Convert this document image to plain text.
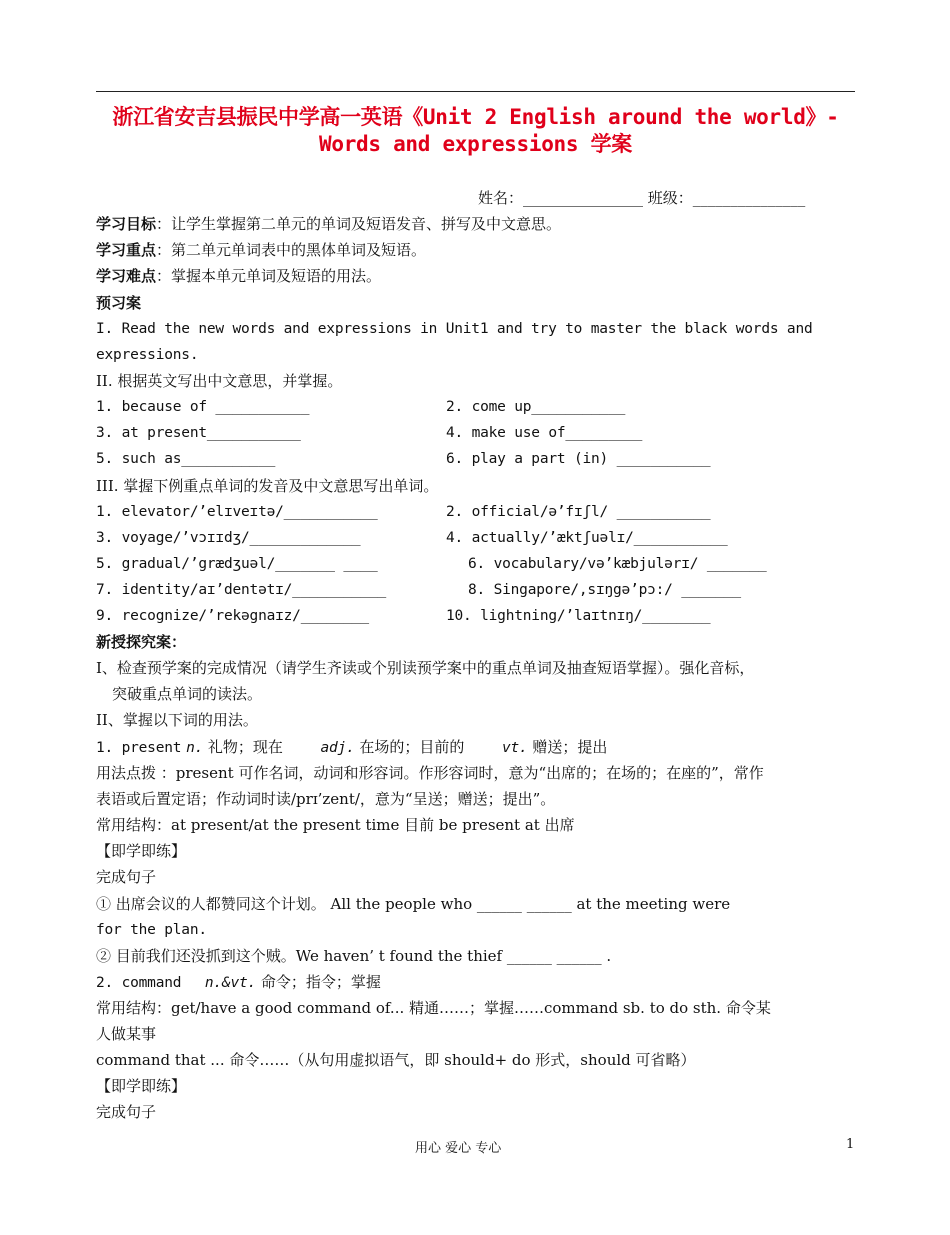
浙江省安吉县振民中学高一英语《Unit 2 English around the world》-
Words and expressions 学案
姓名：________________ 班级：_______________
学习目标：让学生掌握第二单元的单词及短语发音、拼写及中文意思。
学习重点：第二单元单词表中的黑体单词及短语。
学习难点：掌握本单元单词及短语的用法。
预习案
I. Read the new words and expressions in Unit1 and try to master the black words and
expressions.
II. 根据英文写出中文意思，并掌握。
1. because of ___________	2. come up___________
3. at present___________	4. make use of_________
5. such as___________	6. play a part (in) ___________
III. 掌握下例重点单词的发音及中文意思写出单词。
1. elevator/’elɪveɪtə/___________	2. official/ə’fɪʃl/ ___________
3. voyage/’vɔɪɪdʒ/_____________	4. actually/’æktʃuəlɪ/___________
5. gradual/’grædʒuəl/_______ ____	6. vocabulary/və’kæbjulərɪ/ _______
7. identity/aɪ’dentətɪ/___________	8. Singapore/,sɪŋgə’pɔ:/ _______
9. recognize/’rekəgnaɪz/________	10. lightning/’laɪtnɪŋ/________
新授探究案：
I、检查预学案的完成情况（请学生齐读或个别读预学案中的重点单词及抽查短语掌握）。强化音标，
突破重点单词的读法。
II、掌握以下词的用法。
1. present n. 礼物；现在	adj. 在场的；目前的	vt. 赠送；提出
用法点拨 ：present 可作名词，动词和形容词。作形容词时，意为“出席的；在场的；在座的”，常作
表语或后置定语；作动词时读/prɪ’zent/，意为“呈送；赠送；提出”。
常用结构：at present/at the present time 目前 be present at 出席
【即学即练】
完成句子
① 出席会议的人都赞同这个计划。 All the people who ______ ______ at the meeting were
for the plan.
② 目前我们还没抓到这个贼。We haven’ t found the thief ______ ______ .
2. command n.&vt. 命令；指令；掌握
常用结构：get/have a good command of... 精通……；掌握……command sb. to do sth. 命令某
人做某事
command that ... 命令……（从句用虚拟语气，即 should+ do 形式，should 可省略）
【即学即练】
完成句子
用心 爱心 专心	1
